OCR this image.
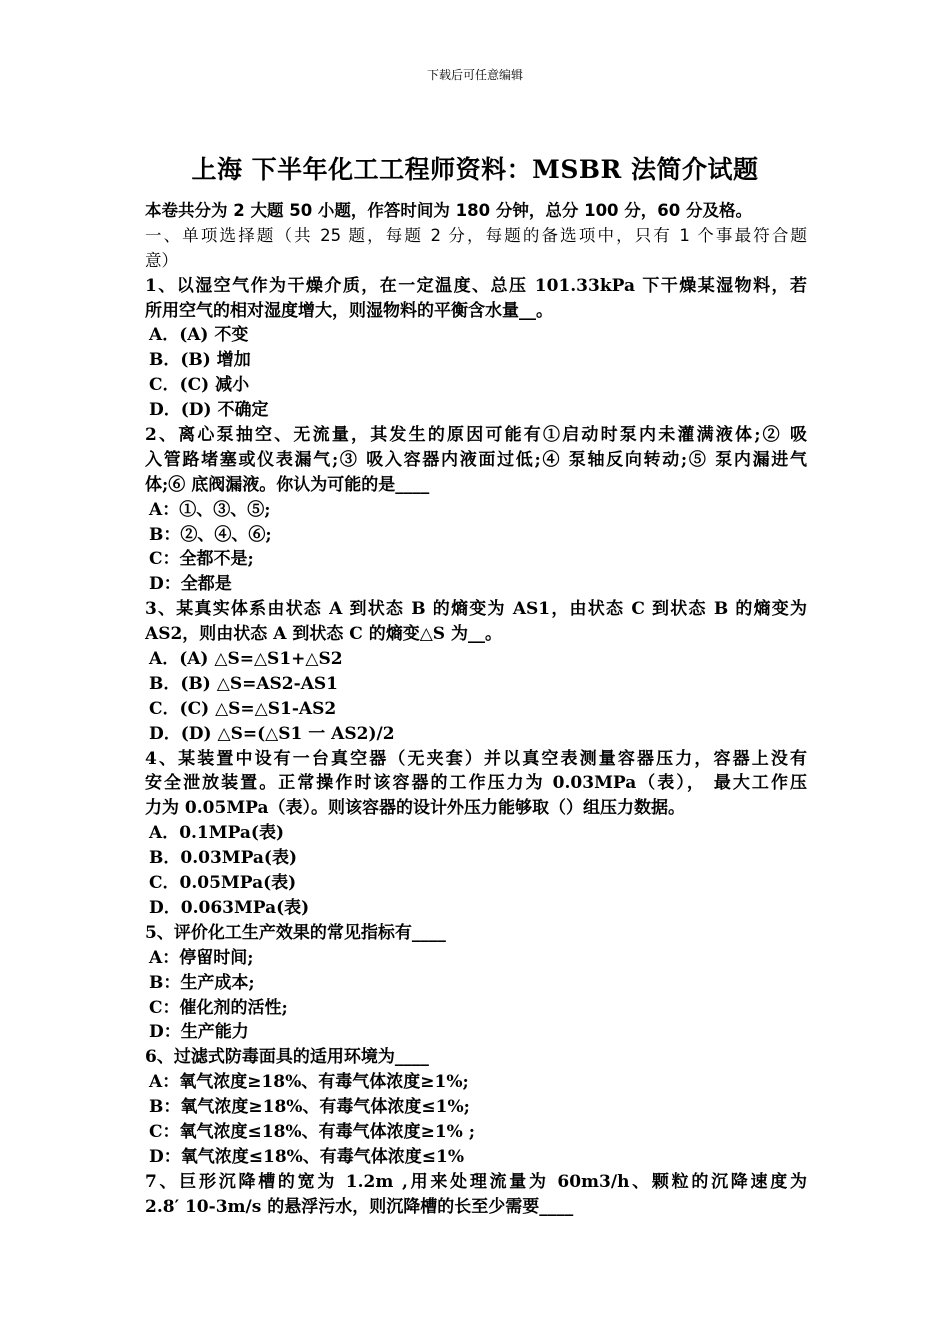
下载后可任意编辑
上海 下半年化工工程师资料：MSBR 法简介试题
本卷共分为 2 大题 50 小题，作答时间为 180 分钟，总分 100 分，60 分及格。
一、单项选择题（共 25 题，每题 2 分，每题的备选项中，只有 1 个事最符合题
意）
1、以湿空气作为干燥介质，在一定温度、总压 101.33kPa 下干燥某湿物料，若
所用空气的相对湿度增大，则湿物料的平衡含水量__。
A．(A) 不变
B．(B) 增加
C．(C) 减小
D．(D) 不确定
2、离心泵抽空、无流量，其发生的原因可能有①启动时泵内未灌满液体;② 吸
入管路堵塞或仪表漏气;③ 吸入容器内液面过低;④ 泵轴反向转动;⑤ 泵内漏进气
体;⑥ 底阀漏液。你认为可能的是____
A：①、③、⑤;
B：②、④、⑥;
C：全都不是;
D：全都是
3、某真实体系由状态 A 到状态 B 的熵变为 AS1，由状态 C 到状态 B 的熵变为
AS2，则由状态 A 到状态 C 的熵变△S 为__。
A．(A) △S=△S1+△S2
B．(B) △S=AS2-AS1
C．(C) △S=△S1-AS2
D．(D) △S=(△S1 一 AS2)/2
4、某装置中设有一台真空器（无夹套）并以真空表测量容器压力，容器上没有
安全泄放装置。正常操作时该容器的工作压力为 0.03MPa（表）， 最大工作压
力为 0.05MPa（表）。则该容器的设计外压力能够取（）组压力数据。
A．0.1MPa(表)
B．0.03MPa(表)
C．0.05MPa(表)
D．0.063MPa(表)
5、评价化工生产效果的常见指标有____
A：停留时间;
B：生产成本;
C：催化剂的活性;
D：生产能力
6、过滤式防毒面具的适用环境为____
A：氧气浓度≥18%、有毒气体浓度≥1%;
B：氧气浓度≥18%、有毒气体浓度≤1%;
C：氧气浓度≤18%、有毒气体浓度≥1% ;
D：氧气浓度≤18%、有毒气体浓度≤1%
7、巨形沉降槽的宽为 1.2m ,用来处理流量为 60m3/h、颗粒的沉降速度为
2.8′ 10-3m/s 的悬浮污水，则沉降槽的长至少需要____
